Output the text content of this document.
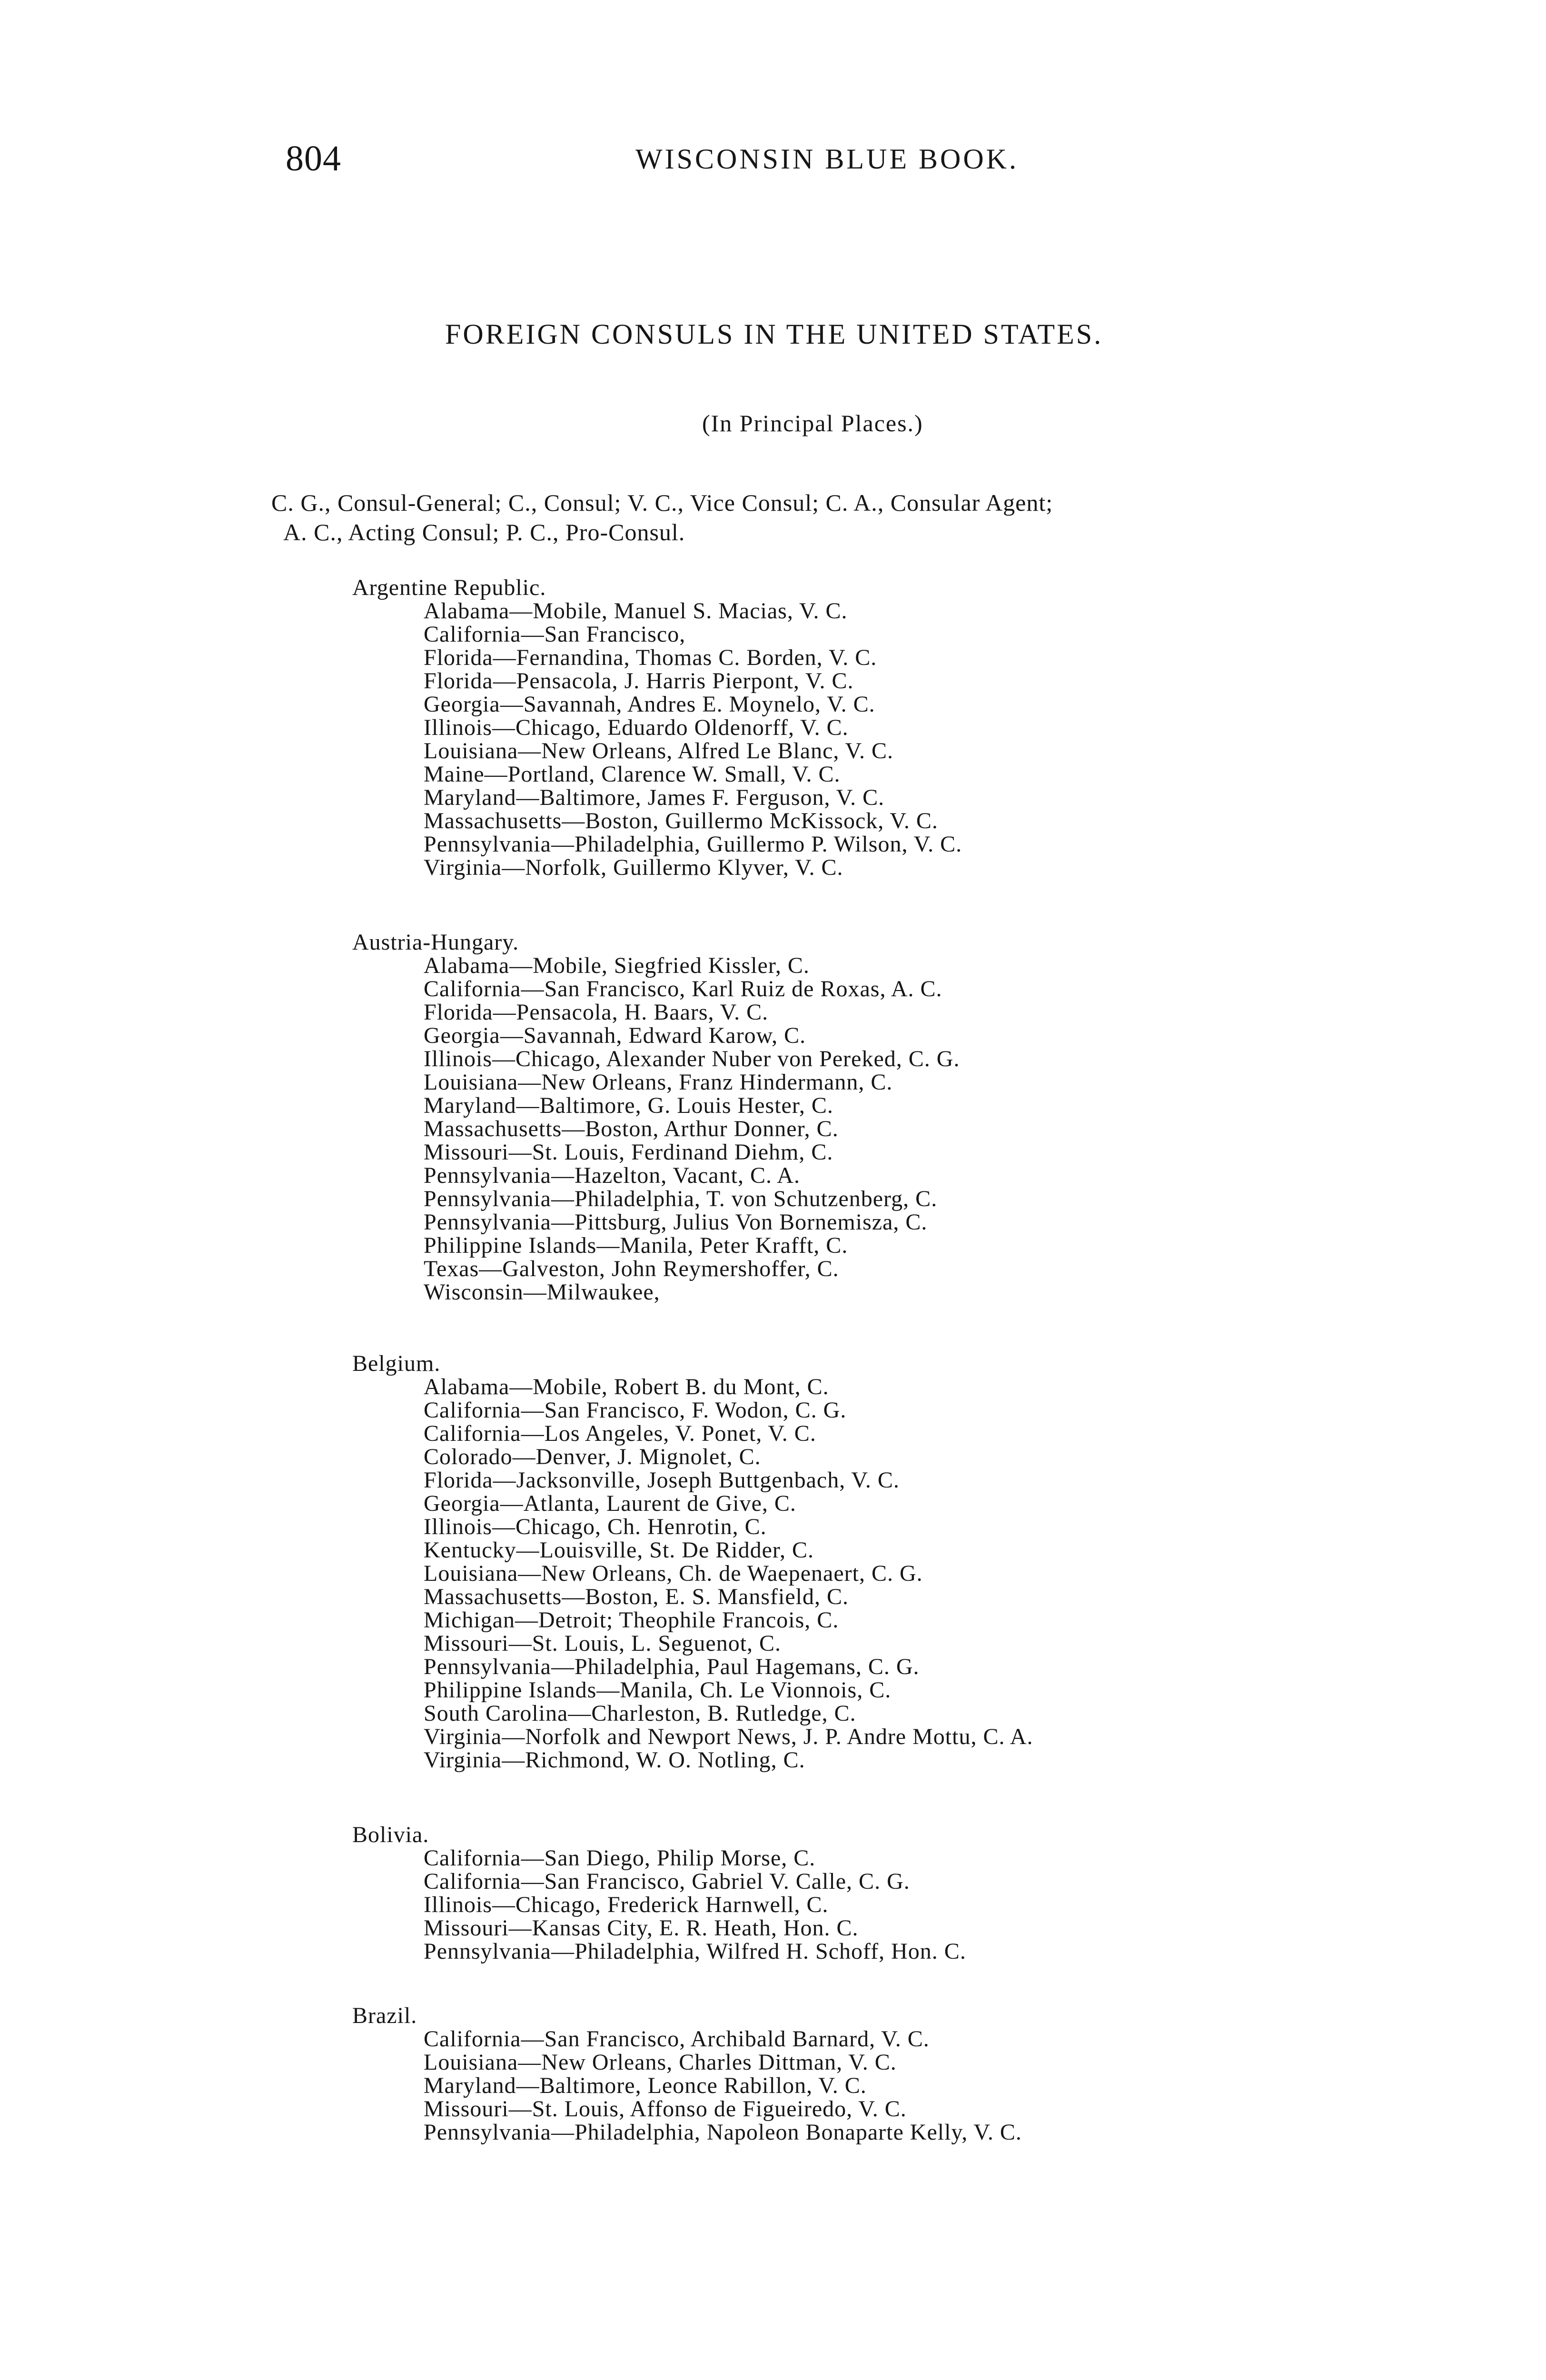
804	WISCONSIN BLUE BOOK.
FOREIGN CONSULS IN THE UNITED STATES.
(In Principal Places.)
C. G., Consul-General; C., Consul; V. C., Vice Consul; C. A., Consular Agent;
A. C., Acting Consul; P. C., Pro-Consul.
Argentine Republic.
Alabama—Mobile, Manuel S. Macias, V. C.
California—San Francisco,
Florida—Fernandina, Thomas C. Borden, V. C.
Florida—Pensacola, J. Harris Pierpont, V. C.
Georgia—Savannah, Andres E. Moynelo, V. C.
Illinois—Chicago, Eduardo Oldenorff, V. C.
Louisiana—New Orleans, Alfred Le Blanc, V. C.
Maine—Portland, Clarence W. Small, V. C.
Maryland—Baltimore, James F. Ferguson, V. C.
Massachusetts—Boston, Guillermo McKissock, V. C.
Pennsylvania—Philadelphia, Guillermo P. Wilson, V. C.
Virginia—Norfolk, Guillermo Klyver, V. C.
Austria-Hungary.
Alabama—Mobile, Siegfried Kissler, C.
California—San Francisco, Karl Ruiz de Roxas, A. C.
Florida—Pensacola, H. Baars, V. C.
Georgia—Savannah, Edward Karow, C.
Illinois—Chicago, Alexander Nuber von Pereked, C. G.
Louisiana—New Orleans, Franz Hindermann, C.
Maryland—Baltimore, G. Louis Hester, C.
Massachusetts—Boston, Arthur Donner, C.
Missouri—St. Louis, Ferdinand Diehm, C.
Pennsylvania—Hazelton, Vacant, C. A.
Pennsylvania—Philadelphia, T. von Schutzenberg, C.
Pennsylvania—Pittsburg, Julius Von Bornemisza, C.
Philippine Islands—Manila, Peter Krafft, C.
Texas—Galveston, John Reymershoffer, C.
Wisconsin—Milwaukee,
Belgium.
Alabama—Mobile, Robert B. du Mont, C.
California—San Francisco, F. Wodon, C. G.
California—Los Angeles, V. Ponet, V. C.
Colorado—Denver, J. Mignolet, C.
Florida—Jacksonville, Joseph Buttgenbach, V. C.
Georgia—Atlanta, Laurent de Give, C.
Illinois—Chicago, Ch. Henrotin, C.
Kentucky—Louisville, St. De Ridder, C.
Louisiana—New Orleans, Ch. de Waepenaert, C. G.
Massachusetts—Boston, E. S. Mansfield, C.
Michigan—Detroit; Theophile Francois, C.
Missouri—St. Louis, L. Seguenot, C.
Pennsylvania—Philadelphia, Paul Hagemans, C. G.
Philippine Islands—Manila, Ch. Le Vionnois, C.
South Carolina—Charleston, B. Rutledge, C.
Virginia—Norfolk and Newport News, J. P. Andre Mottu, C. A.
Virginia—Richmond, W. O. Notling, C.
Bolivia.
California—San Diego, Philip Morse, C.
California—San Francisco, Gabriel V. Calle, C. G.
Illinois—Chicago, Frederick Harnwell, C.
Missouri—Kansas City, E. R. Heath, Hon. C.
Pennsylvania—Philadelphia, Wilfred H. Schoff, Hon. C.
Brazil.
California—San Francisco, Archibald Barnard, V. C.
Louisiana—New Orleans, Charles Dittman, V. C.
Maryland—Baltimore, Leonce Rabillon, V. C.
Missouri—St. Louis, Affonso de Figueiredo, V. C.
Pennsylvania—Philadelphia, Napoleon Bonaparte Kelly, V. C.
